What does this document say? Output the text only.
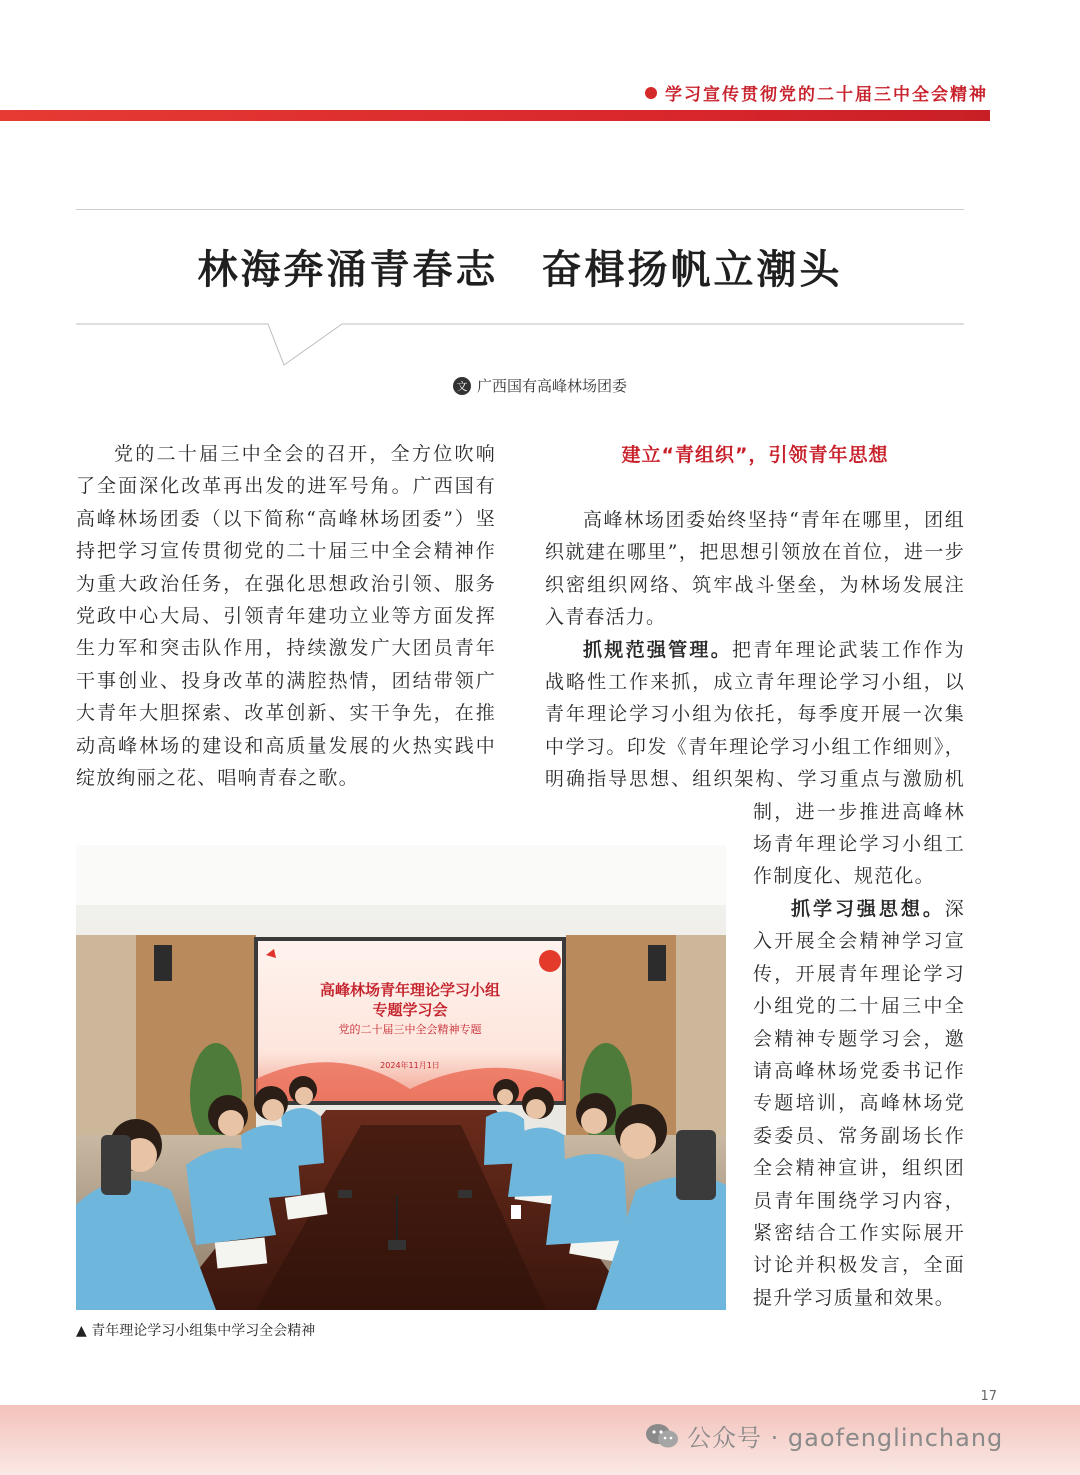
学习宣传贯彻党的二十届三中全会精神
林海奔涌青春志　奋楫扬帆立潮头
文 广西国有高峰林场团委

党的二十届三中全会的召开，全方位吹响了全面深化改革再出发的进军号角。广西国有高峰林场团委（以下简称“高峰林场团委”）坚持把学习宣传贯彻党的二十届三中全会精神作为重大政治任务，在强化思想政治引领、服务党政中心大局、引领青年建功立业等方面发挥生力军和突击队作用，持续激发广大团员青年干事创业、投身改革的满腔热情，团结带领广大青年大胆探索、改革创新、实干争先，在推动高峰林场的建设和高质量发展的火热实践中绽放绚丽之花、唱响青春之歌。

建立“青组织”，引领青年思想

高峰林场团委始终坚持“青年在哪里，团组织就建在哪里”，把思想引领放在首位，进一步织密组织网络、筑牢战斗堡垒，为林场发展注入青春活力。

抓规范强管理。把青年理论武装工作作为战略性工作来抓，成立青年理论学习小组，以青年理论学习小组为依托，每季度开展一次集中学习。印发《青年理论学习小组工作细则》，明确指导思想、组织架构、学习重点与激励机制，进一步推进高峰林场青年理论学习小组工作制度化、规范化。

抓学习强思想。深入开展全会精神学习宣传，开展青年理论学习小组党的二十届三中全会精神专题学习会，邀请高峰林场党委书记作专题培训，高峰林场党委委员、常务副场长作全会精神宣讲，组织团员青年围绕学习内容，紧密结合工作实际展开讨论并积极发言，全面提升学习质量和效果。

高峰林场青年理论学习小组
专题学习会
党的二十届三中全会精神专题
2024年11月1日
▲ 青年理论学习小组集中学习全会精神
17
公众号 · gaofenglinchang
